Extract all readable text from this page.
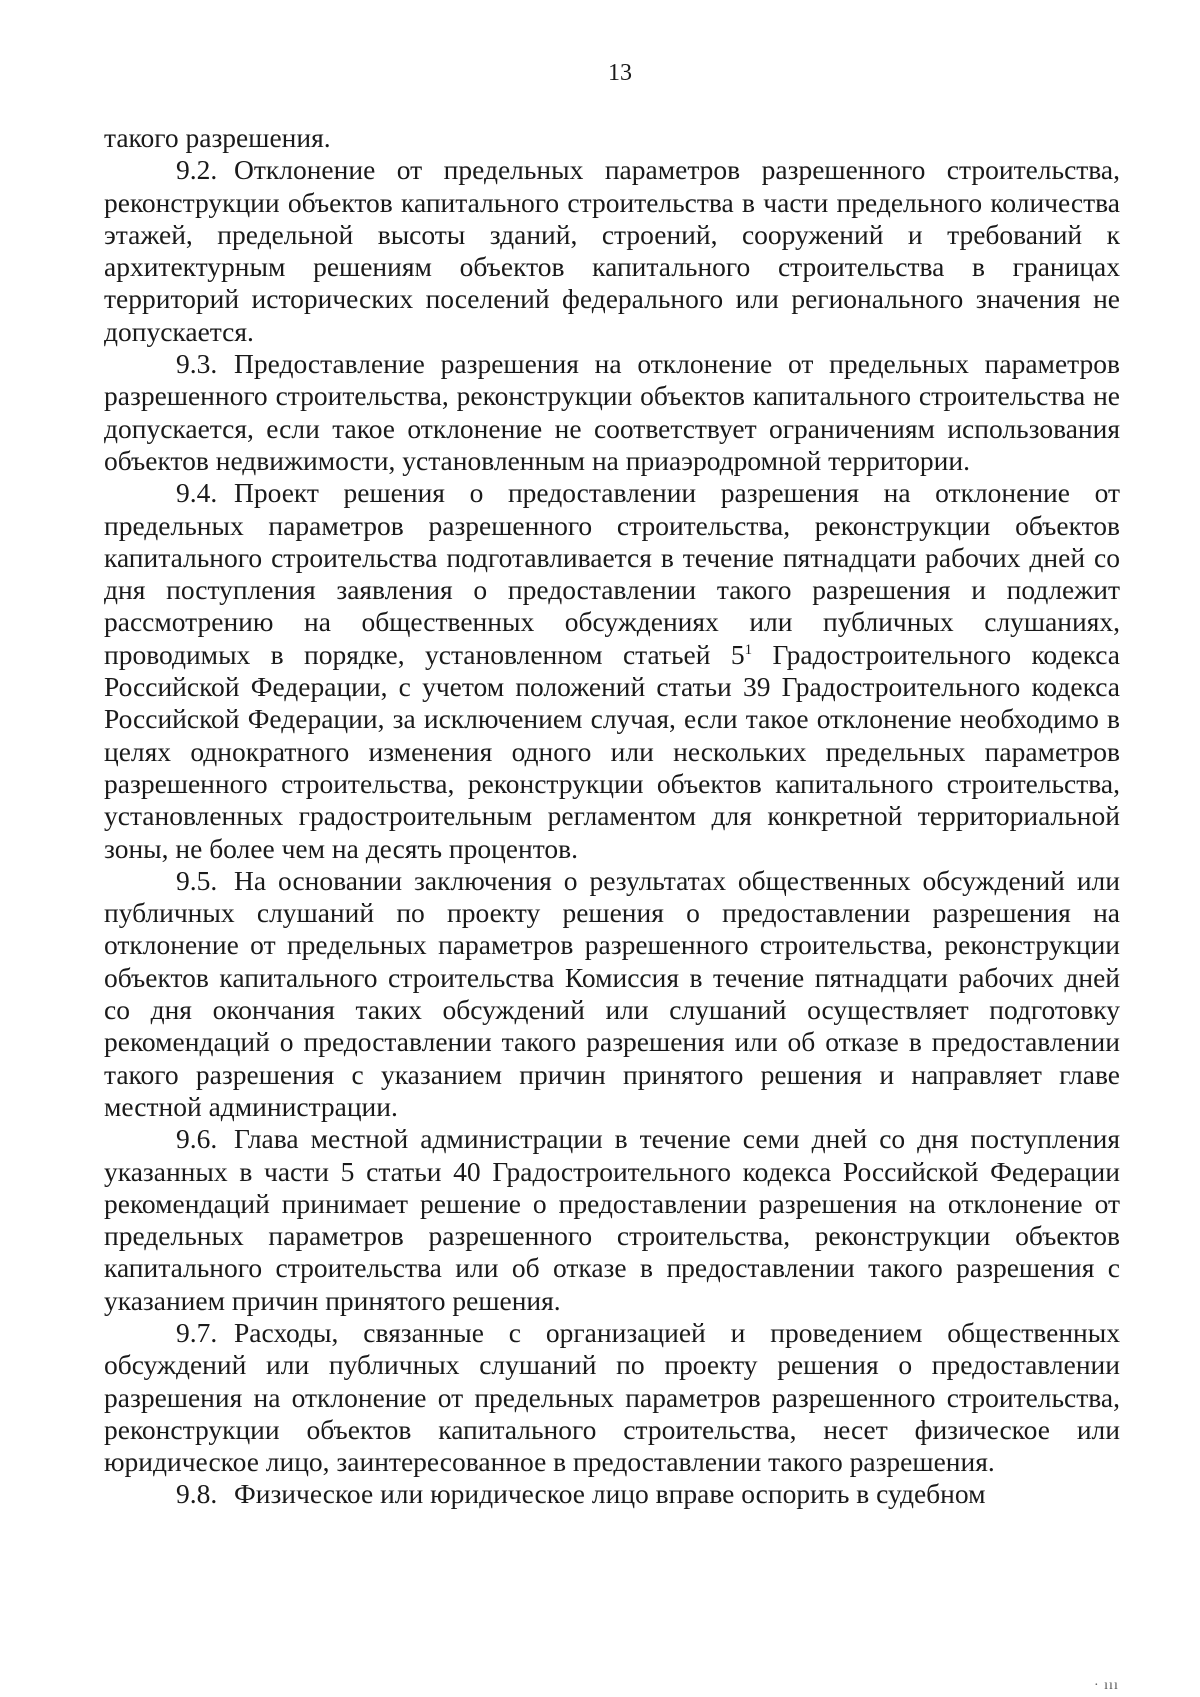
13

такого разрешения.

9.2. Отклонение от предельных параметров разрешенного строительства, реконструкции объектов капитального строительства в части предельного количества этажей, предельной высоты зданий, строений, сооружений и требований к архитектурным решениям объектов капитального строительства в границах территорий исторических поселений федерального или регионального значения не допускается.

9.3. Предоставление разрешения на отклонение от предельных параметров разрешенного строительства, реконструкции объектов капитального строительства не допускается, если такое отклонение не соответствует ограничениям использования объектов недвижимости, установленным на приаэродромной территории.

9.4. Проект решения о предоставлении разрешения на отклонение от предельных параметров разрешенного строительства, реконструкции объектов капитального строительства подготавливается в течение пятнадцати рабочих дней со дня поступления заявления о предоставлении такого разрешения и подлежит рассмотрению на общественных обсуждениях или публичных слушаниях, проводимых в порядке, установленном статьей $5^1$ Градостроительного кодекса Российской Федерации, с учетом положений статьи 39 Градостроительного кодекса Российской Федерации, за исключением случая, если такое отклонение необходимо в целях однократного изменения одного или нескольких предельных параметров разрешенного строительства, реконструкции объектов капитального строительства, установленных градостроительным регламентом для конкретной территориальной зоны, не более чем на десять процентов.

9.5. На основании заключения о результатах общественных обсуждений или публичных слушаний по проекту решения о предоставлении разрешения на отклонение от предельных параметров разрешенного строительства, реконструкции объектов капитального строительства Комиссия в течение пятнадцати рабочих дней со дня окончания таких обсуждений или слушаний осуществляет подготовку рекомендаций о предоставлении такого разрешения или об отказе в предоставлении такого разрешения с указанием причин принятого решения и направляет главе местной администрации.

9.6. Глава местной администрации в течение семи дней со дня поступления указанных в части 5 статьи 40 Градостроительного кодекса Российской Федерации рекомендаций принимает решение о предоставлении разрешения на отклонение от предельных параметров разрешенного строительства, реконструкции объектов капитального строительства или об отказе в предоставлении такого разрешения с указанием причин принятого решения.

9.7. Расходы, связанные с организацией и проведением общественных обсуждений или публичных слушаний по проекту решения о предоставлении разрешения на отклонение от предельных параметров разрешенного строительства, реконструкции объектов капитального строительства, несет физическое или юридическое лицо, заинтересованное в предоставлении такого разрешения.

9.8. Физическое или юридическое лицо вправе оспорить в судебном

· ııı
